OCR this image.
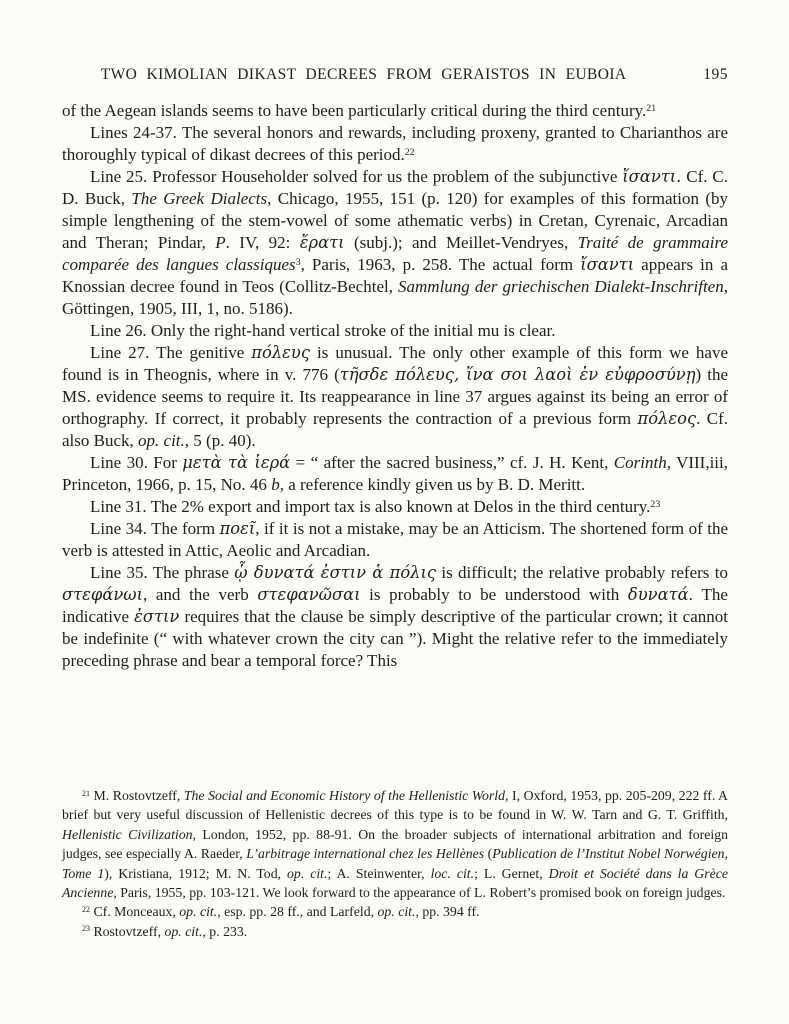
TWO KIMOLIAN DIKAST DECREES FROM GERAISTOS IN EUBOIA	195

of the Aegean islands seems to have been particularly critical during the third century.$^{21}$

Lines 24-37. The several honors and rewards, including proxeny, granted to Charianthos are thoroughly typical of dikast decrees of this period.$^{22}$

Line 25. Professor Householder solved for us the problem of the subjunctive ἴσαντι. Cf. C. D. Buck, The Greek Dialects, Chicago, 1955, 151 (p. 120) for examples of this formation (by simple lengthening of the stem-vowel of some athematic verbs) in Cretan, Cyrenaic, Arcadian and Theran; Pindar, P. IV, 92: ἔρατι (subj.); and Meillet-Vendryes, Traité de grammaire comparée des langues classiques$^3$, Paris, 1963, p. 258. The actual form ἴσαντι appears in a Knossian decree found in Teos (Collitz-Bechtel, Sammlung der griechischen Dialekt-Inschriften, Göttingen, 1905, III, 1, no. 5186).

Line 26. Only the right-hand vertical stroke of the initial mu is clear.

Line 27. The genitive πόλευς is unusual. The only other example of this form we have found is in Theognis, where in v. 776 (τῆσδε πόλευς, ἵνα σοι λαοὶ ἐν εὐφροσύνῃ) the MS. evidence seems to require it. Its reappearance in line 37 argues against its being an error of orthography. If correct, it probably represents the contraction of a previous form πόλεος. Cf. also Buck, op. cit., 5 (p. 40).

Line 30. For μετὰ τὰ ἱερά = “ after the sacred business,” cf. J. H. Kent, Corinth, VIII,iii, Princeton, 1966, p. 15, No. 46 b, a reference kindly given us by B. D. Meritt.

Line 31. The 2% export and import tax is also known at Delos in the third century.$^{23}$

Line 34. The form ποεῖ, if it is not a mistake, may be an Atticism. The shortened form of the verb is attested in Attic, Aeolic and Arcadian.

Line 35. The phrase ᾧ δυνατά ἐστιν ἁ πόλις is difficult; the relative probably refers to στεφάνωι, and the verb στεφανῶσαι is probably to be understood with δυνατά. The indicative ἐστιν requires that the clause be simply descriptive of the particular crown; it cannot be indefinite (“ with whatever crown the city can ”). Might the relative refer to the immediately preceding phrase and bear a temporal force? This

$^{21}$ M. Rostovtzeff, The Social and Economic History of the Hellenistic World, I, Oxford, 1953, pp. 205-209, 222 ff. A brief but very useful discussion of Hellenistic decrees of this type is to be found in W. W. Tarn and G. T. Griffith, Hellenistic Civilization, London, 1952, pp. 88-91. On the broader subjects of international arbitration and foreign judges, see especially A. Raeder, L’arbitrage international chez les Hellènes (Publication de l’Institut Nobel Norwégien, Tome 1), Kristiana, 1912; M. N. Tod, op. cit.; A. Steinwenter, loc. cit.; L. Gernet, Droit et Société dans la Grèce Ancienne, Paris, 1955, pp. 103-121. We look forward to the appearance of L. Robert’s promised book on foreign judges.

$^{22}$ Cf. Monceaux, op. cit., esp. pp. 28 ff., and Larfeld, op. cit., pp. 394 ff.

$^{23}$ Rostovtzeff, op. cit., p. 233.
